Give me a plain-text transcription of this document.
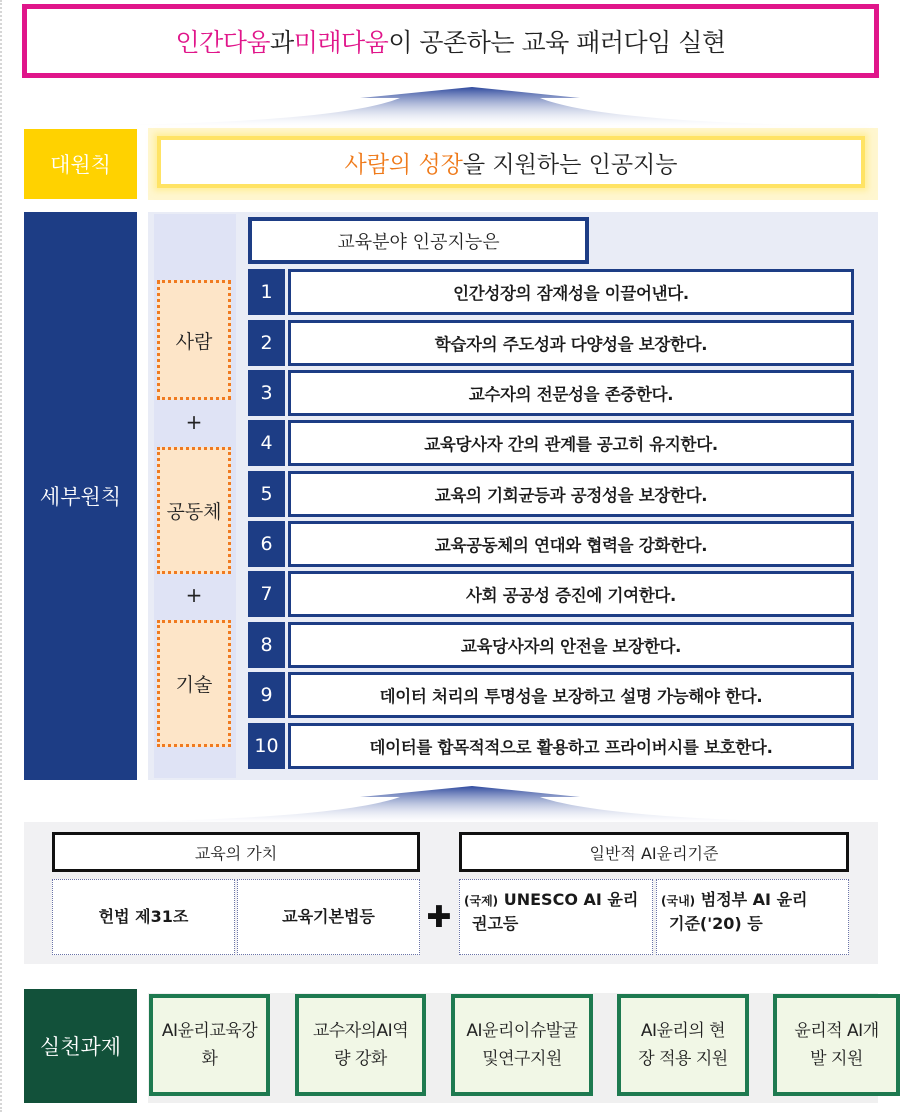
인간다움 과 미래다움 이 공존하는 교육 패러다임 실현
대원칙	사람의 성장 을 지원하는 인공지능
세부원칙
사람
+
공동체
+
기술
교육분야 인공지능은
1	인간성장의 잠재성을 이끌어낸다.
2	학습자의 주도성과 다양성을 보장한다.
3	교수자의 전문성을 존중한다.
4	교육당사자 간의 관계를 공고히 유지한다.
5	교육의 기회균등과 공정성을 보장한다.
6	교육공동체의 연대와 협력을 강화한다.
7	사회 공공성 증진에 기여한다.
8	교육당사자의 안전을 보장한다.
9	데이터 처리의 투명성을 보장하고 설명 가능해야 한다.
10	데이터를 합목적적으로 활용하고 프라이버시를 보호한다.
교육의 가치
헌법 제31조	교육기본법등	✚
일반적 AI윤리기준
(국제) UNESCO AI 윤리
권고등
(국내) 범정부 AI 윤리
기준('20) 등
실천과제
AI윤리교육강
화
교수자의AI역
량 강화
AI윤리이슈발굴
및연구지원
AI윤리의 현
장 적용 지원
윤리적 AI개
발 지원
